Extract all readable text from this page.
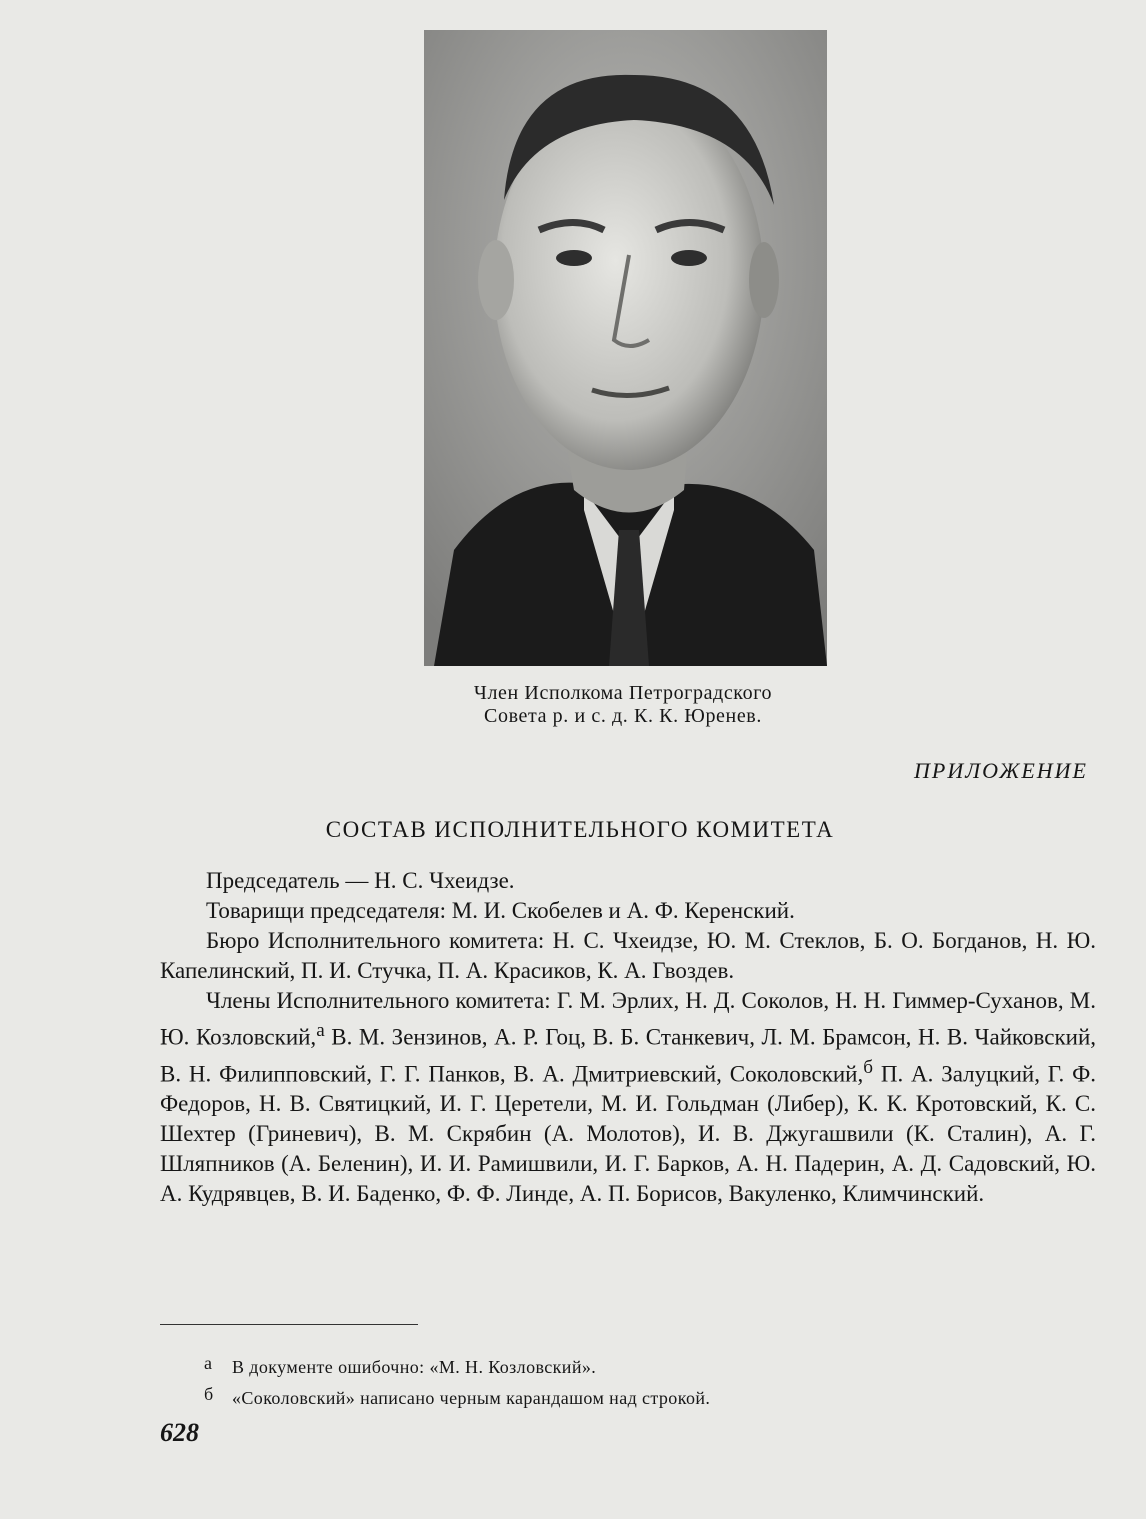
Член Исполкома Петроградского
Совета р. и с. д. К. К. Юренев.
ПРИЛОЖЕНИЕ
СОСТАВ ИСПОЛНИТЕЛЬНОГО КОМИТЕТА

Председатель — Н. С. Чхеидзе.

Товарищи председателя: М. И. Скобелев и А. Ф. Керенский.

Бюро Исполнительного комитета: Н. С. Чхеидзе, Ю. М. Стеклов, Б. О. Богданов, Н. Ю. Капелинский, П. И. Стучка, П. А. Красиков, К. А. Гвоздев.

Члены Исполнительного комитета: Г. М. Эрлих, Н. Д. Соколов, Н. Н. Гиммер-Суханов, М. Ю. Козловский,$^а$ В. М. Зензинов, А. Р. Гоц, В. Б. Станкевич, Л. М. Брамсон, Н. В. Чайковский, В. Н. Филипповский, Г. Г. Панков, В. А. Дмитриевский, Соколовский,$^б$ П. А. Залуцкий, Г. Ф. Федоров, Н. В. Святицкий, И. Г. Церетели, М. И. Гольдман (Либер), К. К. Кротовский, К. С. Шехтер (Гриневич), В. М. Скрябин (А. Молотов), И. В. Джугашвили (К. Сталин), А. Г. Шляпников (А. Беленин), И. И. Рамишвили, И. Г. Барков, А. Н. Падерин, А. Д. Садовский, Ю. А. Кудрявцев, В. И. Баденко, Ф. Ф. Линде, А. П. Борисов, Вакуленко, Климчинский.

а В документе ошибочно: «М. Н. Козловский».
б «Соколовский» написано черным карандашом над строкой.
628
